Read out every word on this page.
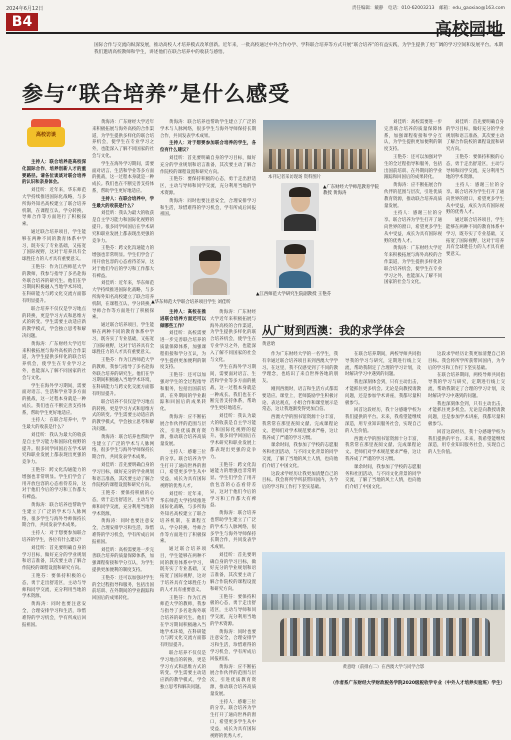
2024年6月12日	责任编辑：戴静　电话：010-62003213　邮箱：edu_gaoxiao@163.com
B4	高校园地
国际合作与交流向纵深发展，推动高校人才培养模式改革创新。近年来，一批高校通过中外合作办学、学科联合培养等方式开展“联合培养”的有益实践，为学生提供了更广阔的学习空间和发展平台。本期我们邀请高校教师和学生，讲述他们在联合培养中的收获与感悟。
参与“联合培养”是什么感受
高校访谈

主持人：联合培养是高校深化国际合作、培养创新人才的重要路径。请各位谈谈对联合培养的认识和亲身体会。

刘佳昕：近年来，华东师范大学持续推进国际化战略，与多所海外知名高校建立了联合培养机制，在课程互认、学分转换、导师合作等方面进行了积极探索。

通过联合培养项目，学生能够在两种不同的教育体系中学习，既夯实了专业基础，又拓宽了国际视野，这对于培养具有全球胜任力的人才具有重要意义。

王艳芬：作为江西师范大学的教师，我参与指导了多名赴海外联合培养的研究生。他们在学习期间积极融入当地学术环境，在科研能力与跨文化交流方面都有明显提升。

联合培养不仅仅是学习地点的转换，更是学习方式和思维方式的转变。学生需要主动适应新的教学模式，学会独立思考和解决问题。

黄海涛：广东财经大学近年来积极拓展与海外高校的合作渠道，为学生提供多样化的联合培养机会，使学生在专业学习之外，也能深入了解不同国家的社会与文化。

学生在海外学习期间，需要面对语言、生活和学业等多方面的挑战，这一过程本身就是一种成长。我们也在不断完善支持体系，帮助学生更好地适应。

主持人：在联合培养中，学生最大的收获是什么？

刘佳昕：我认为最大的收获是自主学习能力和国际化视野的提升。很多同学回国后在学术研究和职业发展上都表现出更强的竞争力。

王艳芬：跨文化沟通能力的增强也非常明显。学生们学会了用开放包容的心态看待差异，这对于他们今后的学习和工作都大有裨益。

黄海涛：联合培养也帮助学生建立了广泛的学术与人脉网络，很多学生与海外导师保持长期合作，共同发表学术成果。

主持人：对于想要参加联合培养的学生，各位有什么建议？

刘佳昕：首先要明确自身的学习目标，做好充分的学业规划和语言准备，其次要主动了解合作院校的课程设置和研究方向。

王艳芬：要保持积极的心态，勇于走出舒适区，主动与导师和同学交流，充分利用当地的学术资源。

黄海涛：同时也要注意安全，合理安排学习和生活，珍惜难得的学习机会，学有所成后回报祖国。

黄海涛：广东财经大学近年来积极拓展与海外高校的合作渠道，为学生提供多样化的联合培养机会，使学生在专业学习之外，也能深入了解不同国家的社会与文化。

学生在海外学习期间，需要面对语言、生活和学业等多方面的挑战，这一过程本身就是一种成长。我们也在不断完善支持体系，帮助学生更好地适应。

主持人：在联合培养中，学生最大的收获是什么？

刘佳昕：我认为最大的收获是自主学习能力和国际化视野的提升。很多同学回国后在学术研究和职业发展上都表现出更强的竞争力。

王艳芬：跨文化沟通能力的增强也非常明显。学生们学会了用开放包容的心态看待差异，这对于他们今后的学习和工作都大有裨益。

刘佳昕：近年来，华东师范大学持续推进国际化战略，与多所海外知名高校建立了联合培养机制，在课程互认、学分转换、导师合作等方面进行了积极探索。

通过联合培养项目，学生能够在两种不同的教育体系中学习，既夯实了专业基础，又拓宽了国际视野，这对于培养具有全球胜任力的人才具有重要意义。

王艳芬：作为江西师范大学的教师，我参与指导了多名赴海外联合培养的研究生。他们在学习期间积极融入当地学术环境，在科研能力与跨文化交流方面都有明显提升。

联合培养不仅仅是学习地点的转换，更是学习方式和思维方式的转变。学生需要主动适应新的教学模式，学会独立思考和解决问题。

黄海涛：联合培养也帮助学生建立了广泛的学术与人脉网络，很多学生与海外导师保持长期合作，共同发表学术成果。

刘佳昕：首先要明确自身的学习目标，做好充分的学业规划和语言准备，其次要主动了解合作院校的课程设置和研究方向。

王艳芬：要保持积极的心态，勇于走出舒适区，主动与导师和同学交流，充分利用当地的学术资源。

黄海涛：同时也要注意安全，合理安排学习和生活，珍惜难得的学习机会，学有所成后回报祖国。

刘佳昕：高校需要进一步完善联合培养的质量保障体系，加强课程衔接和学分互认，为学生提供更加便利的制度支持。

王艳芬：还可以加强对学生的全过程指导和服务，包括出国前培训、在外期间的学业跟踪和回国后的成果转化。

黄海涛：联合培养也帮助学生建立了广泛的学术与人脉网络，很多学生与海外导师保持长期合作，共同发表学术成果。

主持人：对于想要参加联合培养的学生，各位有什么建议？

刘佳昕：首先要明确自身的学习目标，做好充分的学业规划和语言准备，其次要主动了解合作院校的课程设置和研究方向。

王艳芬：要保持积极的心态，勇于走出舒适区，主动与导师和同学交流，充分利用当地的学术资源。

黄海涛：同时也要注意安全，合理安排学习和生活，珍惜难得的学习机会，学有所成后回报祖国。

主持人：高校在推进联合培养方面还可以做哪些工作？

刘佳昕：高校需要进一步完善联合培养的质量保障体系，加强课程衔接和学分互认，为学生提供更加便利的制度支持。

王艳芬：还可以加强对学生的全过程指导和服务，包括出国前培训、在外期间的学业跟踪和回国后的成果转化。

黄海涛：应不断拓展合作伙伴的范围与层次，引进优质教育资源，推动联合培养高质量发展。

主持人：感谢三位的分享。联合培养为学生打开了通向世界的窗口，希望更多学生从中受益，成长为具有国际视野的优秀人才。

刘佳昕：近年来，华东师范大学持续推进国际化战略，与多所海外知名高校建立了联合培养机制，在课程互认、学分转换、导师合作等方面进行了积极探索。

通过联合培养项目，学生能够在两种不同的教育体系中学习，既夯实了专业基础，又拓宽了国际视野，这对于培养具有全球胜任力的人才具有重要意义。

王艳芬：作为江西师范大学的教师，我参与指导了多名赴海外联合培养的研究生。他们在学习期间积极融入当地学术环境，在科研能力与跨文化交流方面都有明显提升。

联合培养不仅仅是学习地点的转换，更是学习方式和思维方式的转变。学生需要主动适应新的教学模式，学会独立思考和解决问题。

黄海涛：广东财经大学近年来积极拓展与海外高校的合作渠道，为学生提供多样化的联合培养机会，使学生在专业学习之外，也能深入了解不同国家的社会与文化。

学生在海外学习期间，需要面对语言、生活和学业等多方面的挑战，这一过程本身就是一种成长。我们也在不断完善支持体系，帮助学生更好地适应。

刘佳昕：我认为最大的收获是自主学习能力和国际化视野的提升。很多同学回国后在学术研究和职业发展上都表现出更强的竞争力。

王艳芬：跨文化沟通能力的增强也非常明显。学生们学会了用开放包容的心态看待差异，这对于他们今后的学习和工作都大有裨益。

黄海涛：联合培养也帮助学生建立了广泛的学术与人脉网络，很多学生与海外导师保持长期合作，共同发表学术成果。

刘佳昕：首先要明确自身的学习目标，做好充分的学业规划和语言准备，其次要主动了解合作院校的课程设置和研究方向。

王艳芬：要保持积极的心态，勇于走出舒适区，主动与导师和同学交流，充分利用当地的学术资源。

黄海涛：同时也要注意安全，合理安排学习和生活，珍惜难得的学习机会，学有所成后回报祖国。

黄海涛：应不断拓展合作伙伴的范围与层次，引进优质教育资源，推动联合培养高质量发展。

主持人：感谢三位的分享。联合培养为学生打开了通向世界的窗口，希望更多学生从中受益，成长为具有国际视野的优秀人才。

刘佳昕：高校需要进一步完善联合培养的质量保障体系，加强课程衔接和学分互认，为学生提供更加便利的制度支持。

王艳芬：还可以加强对学生的全过程指导和服务，包括出国前培训、在外期间的学业跟踪和回国后的成果转化。

黄海涛：应不断拓展合作伙伴的范围与层次，引进优质教育资源，推动联合培养高质量发展。

主持人：感谢三位的分享。联合培养为学生打开了通向世界的窗口，希望更多学生从中受益，成长为具有国际视野的优秀人才。

黄海涛：广东财经大学近年来积极拓展与海外高校的合作渠道，为学生提供多样化的联合培养机会，使学生在专业学习之外，也能深入了解不同国家的社会与文化。

刘佳昕：首先要明确自身的学习目标，做好充分的学业规划和语言准备，其次要主动了解合作院校的课程设置和研究方向。

王艳芬：要保持积极的心态，勇于走出舒适区，主动与导师和同学交流，充分利用当地的学术资源。

主持人：感谢三位的分享。联合培养为学生打开了通向世界的窗口，希望更多学生从中受益，成长为具有国际视野的优秀人才。

通过联合培养项目，学生能够在两种不同的教育体系中学习，既夯实了专业基础，又拓宽了国际视野，这对于培养具有全球胜任力的人才具有重要意义。

本刊记者采访现场 资料图片
▲广东财经大学师范教育学院教授 黄海涛
▲华东师范大学联合培养项目学生 刘佳昕
▲江西师范大学研究生院副教授 王艳芬
从广财到西澳：我的求学体会
黄意晗

作为广东财经大学的一名学生，我有幸通过联合培养项目来到西澳大学学习。在这里，我不仅感受到了不同的教学理念，也结识了来自世界各地的朋友。

刚到西澳时，语言和生活方式都需要适应。课堂上，老师鼓励学生积极讨论、表达观点，小组合作和课堂展示是常态，这让我逐渐变得更加自信。

西澳大学的图书馆资源十分丰富，我常常在那里查阅文献、完成课程论文。老师们对学术规范要求严格，这让我养成了严谨的学习习惯。

课余时间，我参加了学校的志愿服务和社团活动，与不同文化背景的同学交流，了解了当地的风土人情，也向他们介绍了中国文化。

这段求学经历让我更加清楚自己的目标。我会将所学所获带回国内，为今后的学习和工作打下坚实基础。

在联合培养期间，两校导师共同指导我的学习与研究，定期进行线上交流，帮助我制定了合理的学习计划，及时解决学习中遇到的问题。

我也深刻体会到，只有主动出击，才能抓住更多机会。无论是向教授请教问题，还是参加学术讲座，我都尽量积极参与。

回首这段经历，我十分感谢学校为我们提供的平台。未来，我希望能继续深造，用专业知识服务社会，实现自己的人生价值。

西澳大学的图书馆资源十分丰富，我常常在那里查阅文献、完成课程论文。老师们对学术规范要求严格，这让我养成了严谨的学习习惯。

课余时间，我参加了学校的志愿服务和社团活动，与不同文化背景的同学交流，了解了当地的风土人情，也向他们介绍了中国文化。

这段求学经历让我更加清楚自己的目标。我会将所学所获带回国内，为今后的学习和工作打下坚实基础。

在联合培养期间，两校导师共同指导我的学习与研究，定期进行线上交流，帮助我制定了合理的学习计划，及时解决学习中遇到的问题。

我也深刻体会到，只有主动出击，才能抓住更多机会。无论是向教授请教问题，还是参加学术讲座，我都尽量积极参与。

回首这段经历，我十分感谢学校为我们提供的平台。未来，我希望能继续深造，用专业知识服务社会，实现自己的人生价值。

黄意晗（前排右二）在西澳大学与同学合影
（作者系广东财经大学财政税务学院2020级税收学专业（中外人才培养实验班）学生）
